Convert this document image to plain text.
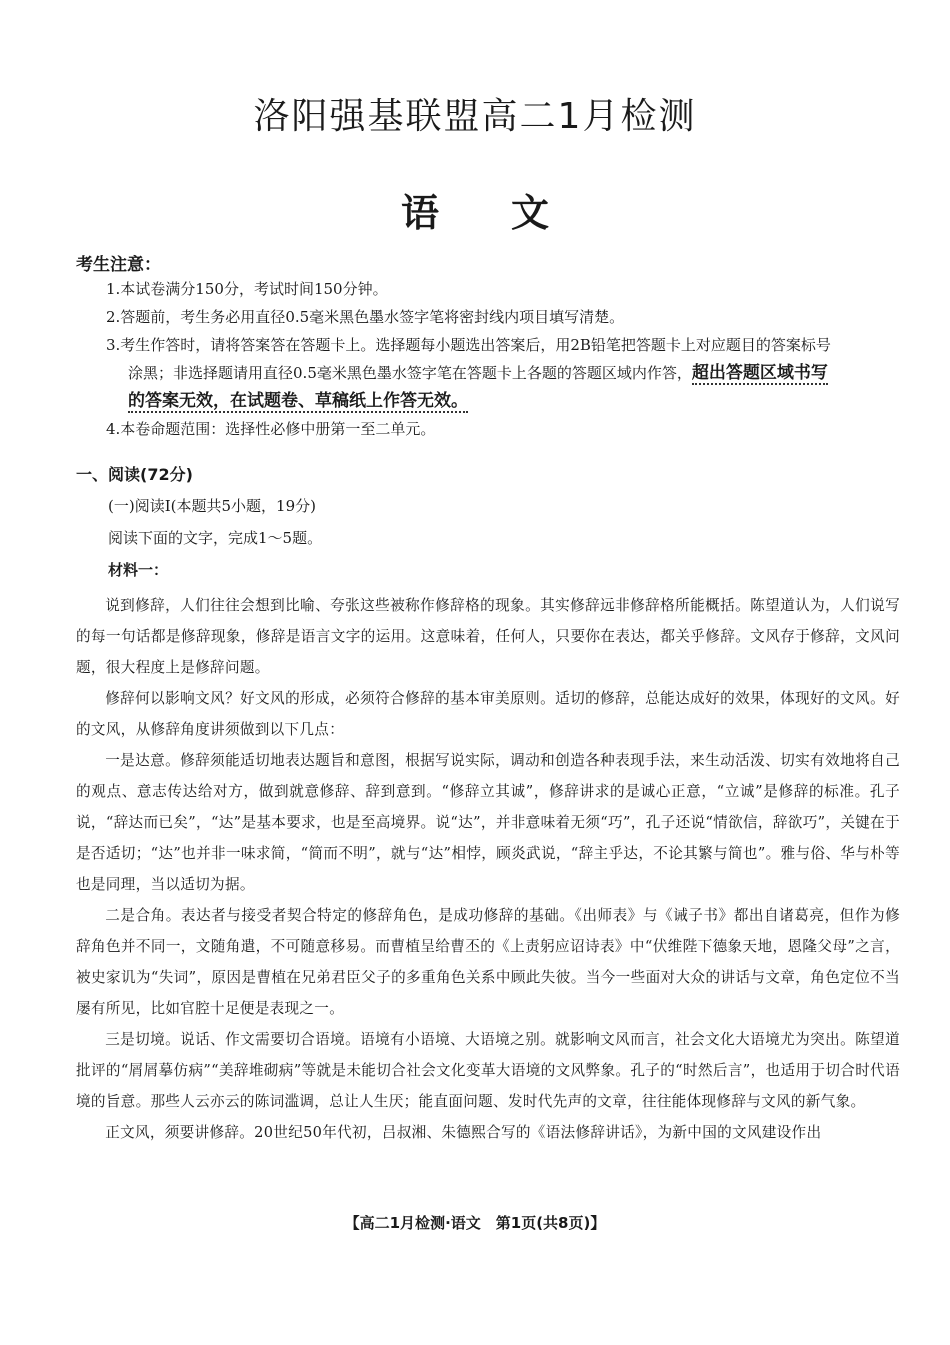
洛阳强基联盟高二1月检测
语 文
考生注意：

1.本试卷满分150分，考试时间150分钟。

2.答题前，考生务必用直径0.5毫米黑色墨水签字笔将密封线内项目填写清楚。

3.考生作答时，请将答案答在答题卡上。选择题每小题选出答案后，用2B铅笔把答题卡上对应题目的答案标号

涂黑；非选择题请用直径0.5毫米黑色墨水签字笔在答题卡上各题的答题区域内作答，超出答题区域书写

的答案无效，在试题卷、草稿纸上作答无效。

4.本卷命题范围：选择性必修中册第一至二单元。

一、阅读(72分)

(一)阅读Ⅰ(本题共5小题，19分)

阅读下面的文字，完成1～5题。

材料一：

说到修辞，人们往往会想到比喻、夸张这些被称作修辞格的现象。其实修辞远非修辞格所能概括。陈望道认为，人们说写的每一句话都是修辞现象，修辞是语言文字的运用。这意味着，任何人，只要你在表达，都关乎修辞。文风存于修辞，文风问题，很大程度上是修辞问题。

修辞何以影响文风？好文风的形成，必须符合修辞的基本审美原则。适切的修辞，总能达成好的效果，体现好的文风。好的文风，从修辞角度讲须做到以下几点：

一是达意。修辞须能适切地表达题旨和意图，根据写说实际，调动和创造各种表现手法，来生动活泼、切实有效地将自己的观点、意志传达给对方，做到就意修辞、辞到意到。“修辞立其诚”，修辞讲求的是诚心正意，“立诚”是修辞的标准。孔子说，“辞达而已矣”，“达”是基本要求，也是至高境界。说“达”，并非意味着无须“巧”，孔子还说“情欲信，辞欲巧”，关键在于是否适切；“达”也并非一味求简，“简而不明”，就与“达”相悖，顾炎武说，“辞主乎达，不论其繁与简也”。雅与俗、华与朴等也是同理，当以适切为据。

二是合角。表达者与接受者契合特定的修辞角色，是成功修辞的基础。《出师表》与《诫子书》都出自诸葛亮，但作为修辞角色并不同一，文随角遣，不可随意移易。而曹植呈给曹丕的《上责躬应诏诗表》中“伏维陛下德象天地，恩隆父母”之言，被史家讥为“失词”，原因是曹植在兄弟君臣父子的多重角色关系中顾此失彼。当今一些面对大众的讲话与文章，角色定位不当屡有所见，比如官腔十足便是表现之一。

三是切境。说话、作文需要切合语境。语境有小语境、大语境之别。就影响文风而言，社会文化大语境尤为突出。陈望道批评的“屑屑摹仿病”“美辞堆砌病”等就是未能切合社会文化变革大语境的文风弊象。孔子的“时然后言”，也适用于切合时代语境的旨意。那些人云亦云的陈词滥调，总让人生厌；能直面问题、发时代先声的文章，往往能体现修辞与文风的新气象。

正文风，须要讲修辞。20世纪50年代初，吕叔湘、朱德熙合写的《语法修辞讲话》，为新中国的文风建设作出

【高二1月检测·语文　第1页(共8页)】
